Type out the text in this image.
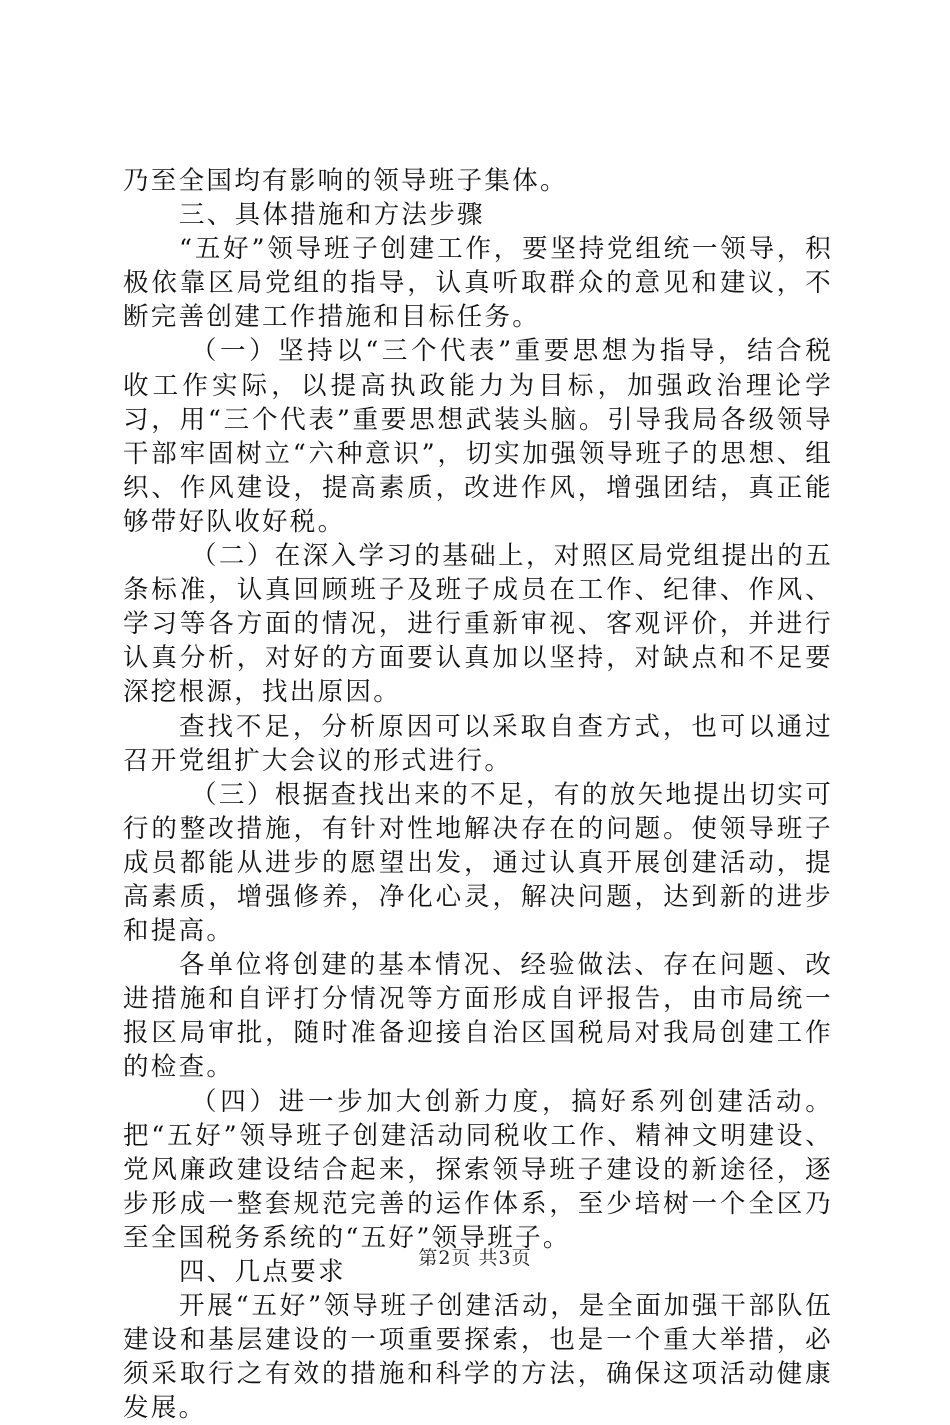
乃至全国均有影响的领导班子集体。

三、具体措施和方法步骤

“五好”领导班子创建工作，要坚持党组统一领导，积极依靠区局党组的指导，认真听取群众的意见和建议，不断完善创建工作措施和目标任务。

（一）坚持以“三个代表”重要思想为指导，结合税收工作实际，以提高执政能力为目标，加强政治理论学习，用“三个代表”重要思想武装头脑。引导我局各级领导干部牢固树立“六种意识”，切实加强领导班子的思想、组织、作风建设，提高素质，改进作风，增强团结，真正能够带好队收好税。

（二）在深入学习的基础上，对照区局党组提出的五条标准，认真回顾班子及班子成员在工作、纪律、作风、学习等各方面的情况，进行重新审视、客观评价，并进行认真分析，对好的方面要认真加以坚持，对缺点和不足要深挖根源，找出原因。

查找不足，分析原因可以采取自查方式，也可以通过召开党组扩大会议的形式进行。

（三）根据查找出来的不足，有的放矢地提出切实可行的整改措施，有针对性地解决存在的问题。使领导班子成员都能从进步的愿望出发，通过认真开展创建活动，提高素质，增强修养，净化心灵，解决问题，达到新的进步和提高。

各单位将创建的基本情况、经验做法、存在问题、改进措施和自评打分情况等方面形成自评报告，由市局统一报区局审批，随时准备迎接自治区国税局对我局创建工作的检查。

（四）进一步加大创新力度，搞好系列创建活动。把“五好”领导班子创建活动同税收工作、精神文明建设、党风廉政建设结合起来，探索领导班子建设的新途径，逐步形成一整套规范完善的运作体系，至少培树一个全区乃至全国税务系统的“五好”领导班子。

四、几点要求

开展“五好”领导班子创建活动，是全面加强干部队伍建设和基层建设的一项重要探索，也是一个重大举措，必须采取行之有效的措施和科学的方法，确保这项活动健康发展。

第2页 共3页
